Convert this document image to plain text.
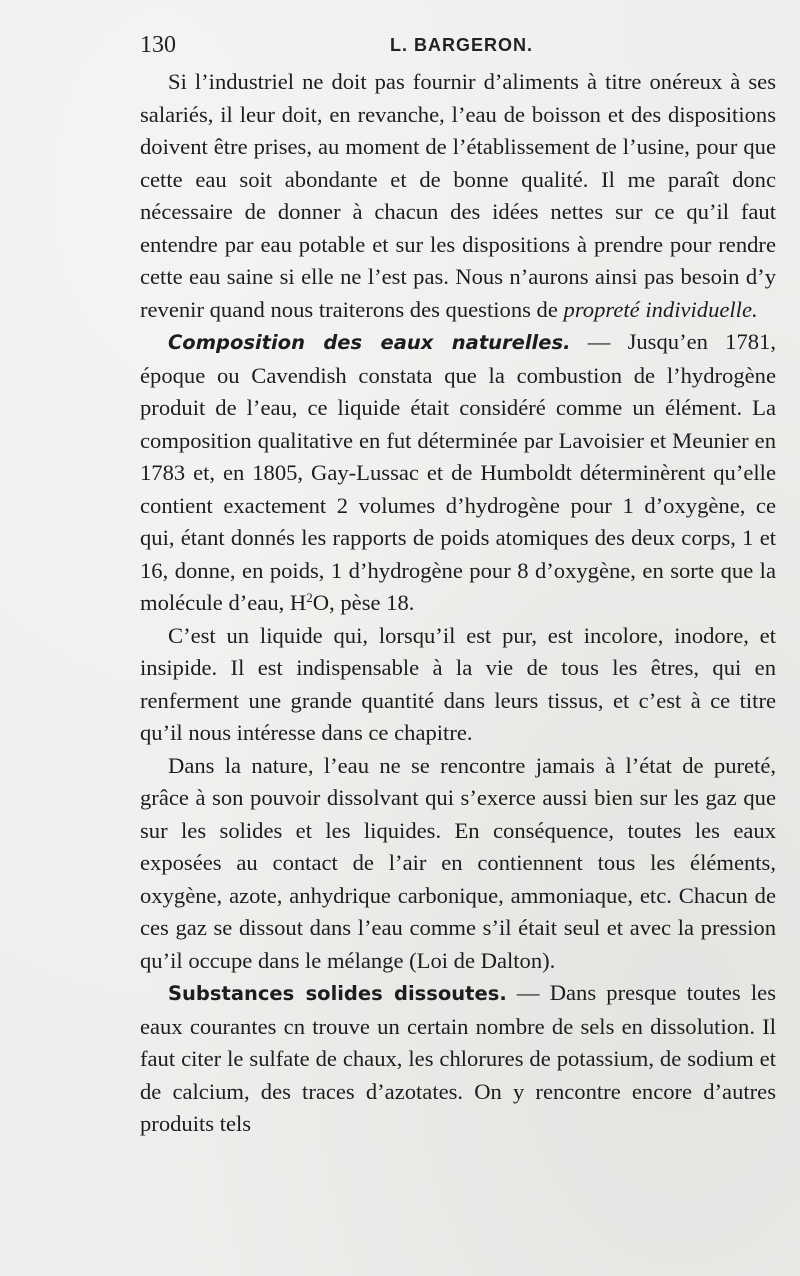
130	L. BARGERON.

Si l’industriel ne doit pas fournir d’aliments à titre onéreux à ses salariés, il leur doit, en revanche, l’eau de boisson et des dispositions doivent être prises, au moment de l’établissement de l’usine, pour que cette eau soit abondante et de bonne qualité. Il me paraît donc nécessaire de donner à chacun des idées nettes sur ce qu’il faut entendre par eau potable et sur les dispositions à prendre pour rendre cette eau saine si elle ne l’est pas. Nous n’aurons ainsi pas besoin d’y revenir quand nous traiterons des questions de propreté individuelle.

Composition des eaux naturelles. — Jusqu’en 1781, époque ou Cavendish constata que la combustion de l’hydrogène produit de l’eau, ce liquide était considéré comme un élément. La composition qualitative en fut déterminée par Lavoisier et Meunier en 1783 et, en 1805, Gay-Lussac et de Humboldt déterminèrent qu’elle contient exactement 2 volumes d’hydrogène pour 1 d’oxygène, ce qui, étant donnés les rapports de poids atomiques des deux corps, 1 et 16, donne, en poids, 1 d’hydrogène pour 8 d’oxygène, en sorte que la molécule d’eau, $H^2O$, pèse 18.

C’est un liquide qui, lorsqu’il est pur, est incolore, inodore, et insipide. Il est indispensable à la vie de tous les êtres, qui en renferment une grande quantité dans leurs tissus, et c’est à ce titre qu’il nous intéresse dans ce chapitre.

Dans la nature, l’eau ne se rencontre jamais à l’état de pureté, grâce à son pouvoir dissolvant qui s’exerce aussi bien sur les gaz que sur les solides et les liquides. En conséquence, toutes les eaux exposées au contact de l’air en contiennent tous les éléments, oxygène, azote, anhydrique carbonique, ammoniaque, etc. Chacun de ces gaz se dissout dans l’eau comme s’il était seul et avec la pression qu’il occupe dans le mélange (Loi de Dalton).

Substances solides dissoutes. — Dans presque toutes les eaux courantes cn trouve un certain nombre de sels en dissolution. Il faut citer le sulfate de chaux, les chlorures de potassium, de sodium et de calcium, des traces d’azotates. On y rencontre encore d’autres produits tels
